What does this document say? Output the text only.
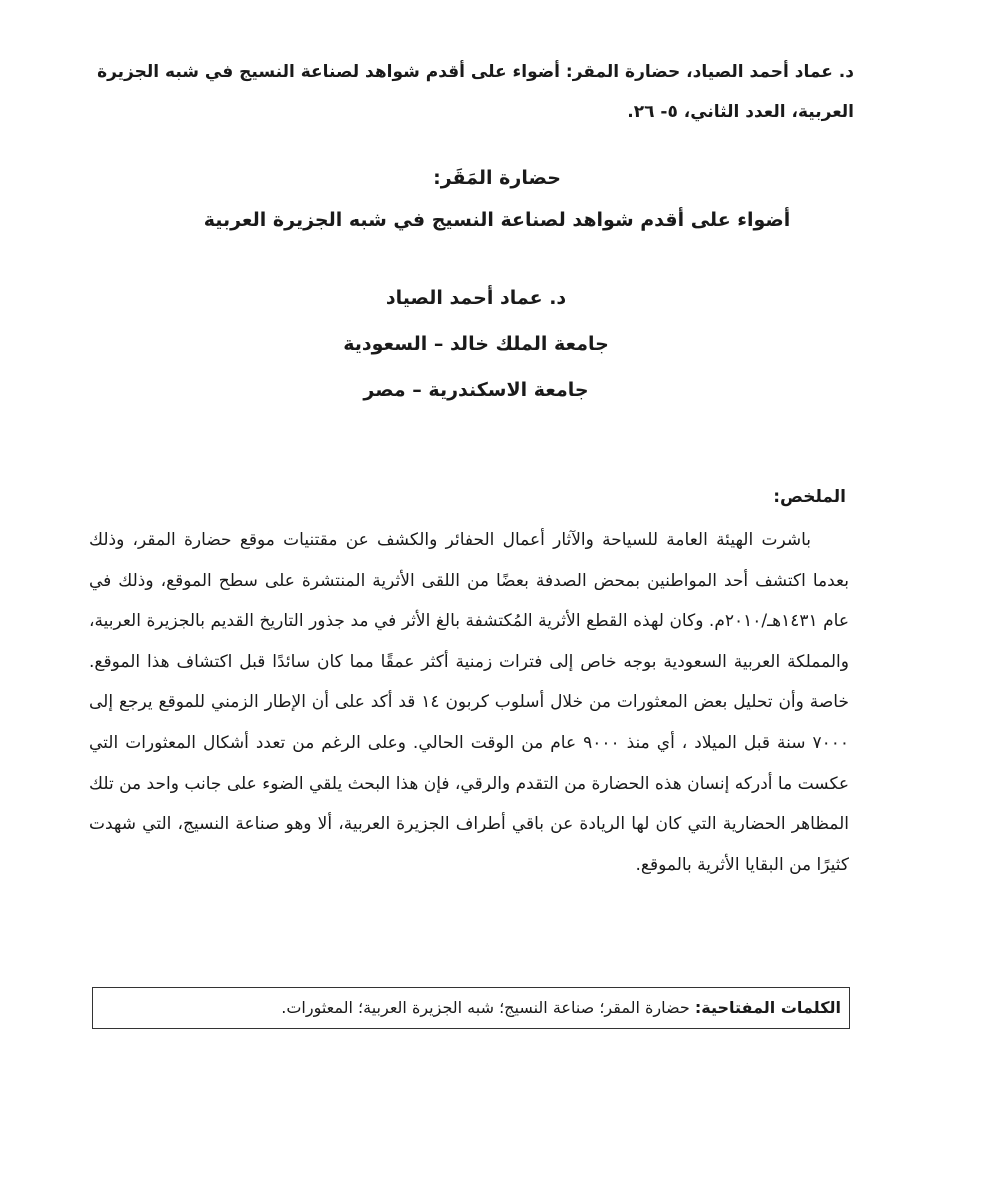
د. عماد أحمد الصياد، حضارة المقر: أضواء على أقدم شواهد لصناعة النسيج في شبه الجزيرة العربية، العدد الثاني، ٥- ٢٦.
حضارة المَقَر:
أضواء على أقدم شواهد لصناعة النسيج في شبه الجزيرة العربية
د. عماد أحمد الصياد
جامعة الملك خالد – السعودية
جامعة الاسكندرية – مصر
الملخص:
باشرت الهيئة العامة للسياحة والآثار أعمال الحفائر والكشف عن مقتنيات موقع حضارة المقر، وذلك بعدما اكتشف أحد المواطنين بمحض الصدفة بعضًا من اللقى الأثرية المنتشرة على سطح الموقع، وذلك في عام ١٤٣١هـ/٢٠١٠م. وكان لهذه القطع الأثرية المُكتشفة بالغ الأثر في مد جذور التاريخ القديم بالجزيرة العربية، والمملكة العربية السعودية بوجه خاص إلى فترات زمنية أكثر عمقًا مما كان سائدًا قبل اكتشاف هذا الموقع. خاصة وأن تحليل بعض المعثورات من خلال أسلوب كربون ١٤ قد أكد على أن الإطار الزمني للموقع يرجع إلى ٧٠٠٠ سنة قبل الميلاد ، أي منذ ٩٠٠٠ عام من الوقت الحالي. وعلى الرغم من تعدد أشكال المعثورات التي عكست ما أدركه إنسان هذه الحضارة من التقدم والرقي، فإن هذا البحث يلقي الضوء على جانب واحد من تلك المظاهر الحضارية التي كان لها الريادة عن باقي أطراف الجزيرة العربية، ألا وهو صناعة النسيج، التي شهدت كثيرًا من البقايا الأثرية بالموقع.
الكلمات المفتاحية: حضارة المقر؛ صناعة النسيج؛ شبه الجزيرة العربية؛ المعثورات.
